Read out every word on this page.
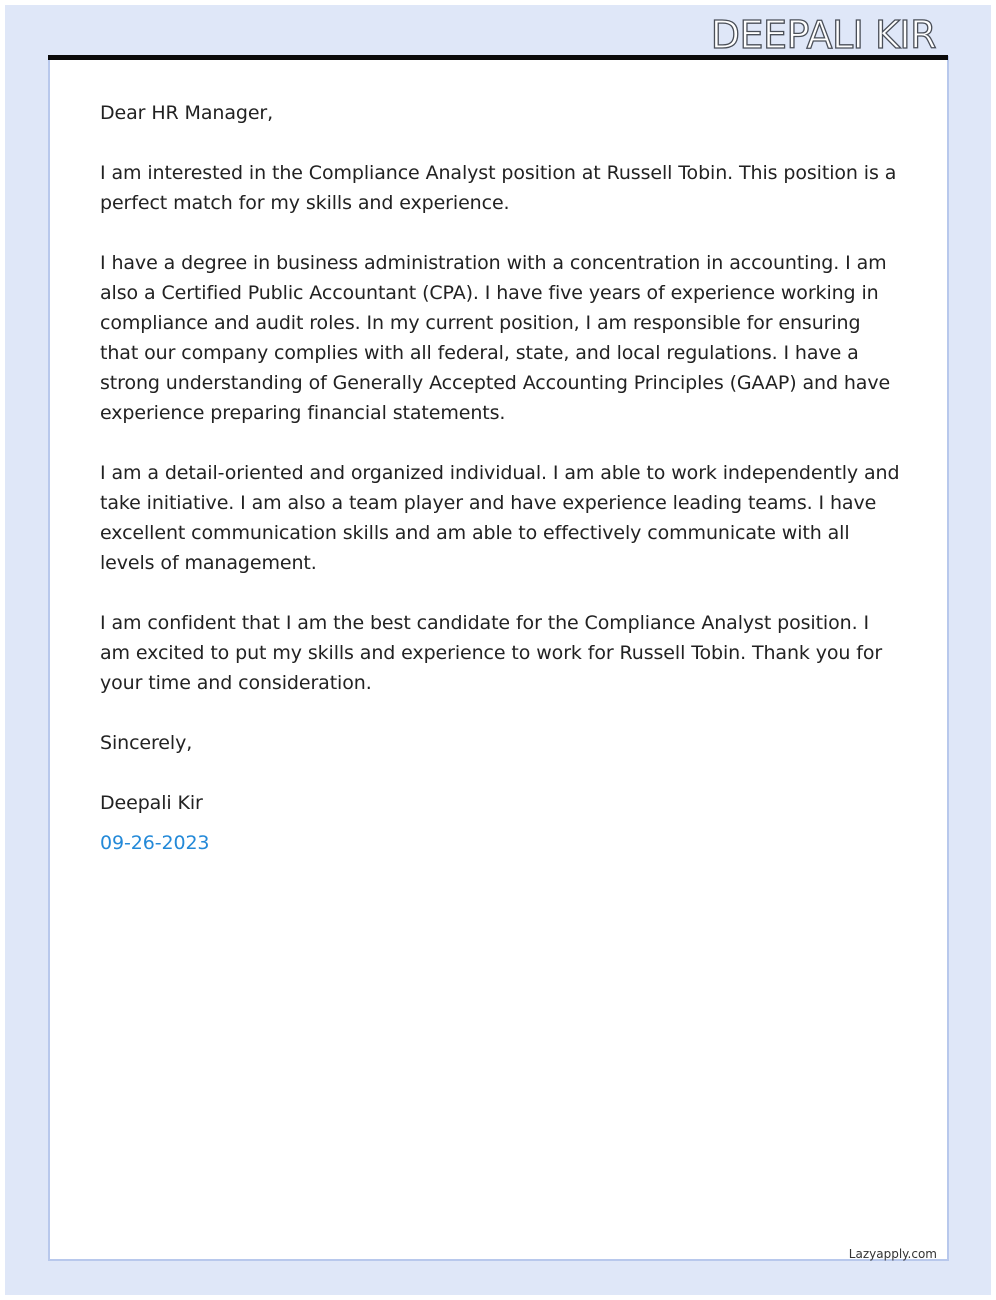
DEEPALI KIR

Dear HR Manager,

I am interested in the Compliance Analyst position at Russell Tobin. This position is a perfect match for my skills and experience.

I have a degree in business administration with a concentration in accounting. I am also a Certified Public Accountant (CPA). I have five years of experience working in compliance and audit roles. In my current position, I am responsible for ensuring that our company complies with all federal, state, and local regulations. I have a strong understanding of Generally Accepted Accounting Principles (GAAP) and have experience preparing financial statements.

I am a detail-oriented and organized individual. I am able to work independently and take initiative. I am also a team player and have experience leading teams. I have excellent communication skills and am able to effectively communicate with all levels of management.

I am confident that I am the best candidate for the Compliance Analyst position. I am excited to put my skills and experience to work for Russell Tobin. Thank you for your time and consideration.

Sincerely,

Deepali Kir

09-26-2023

Lazyapply.com
